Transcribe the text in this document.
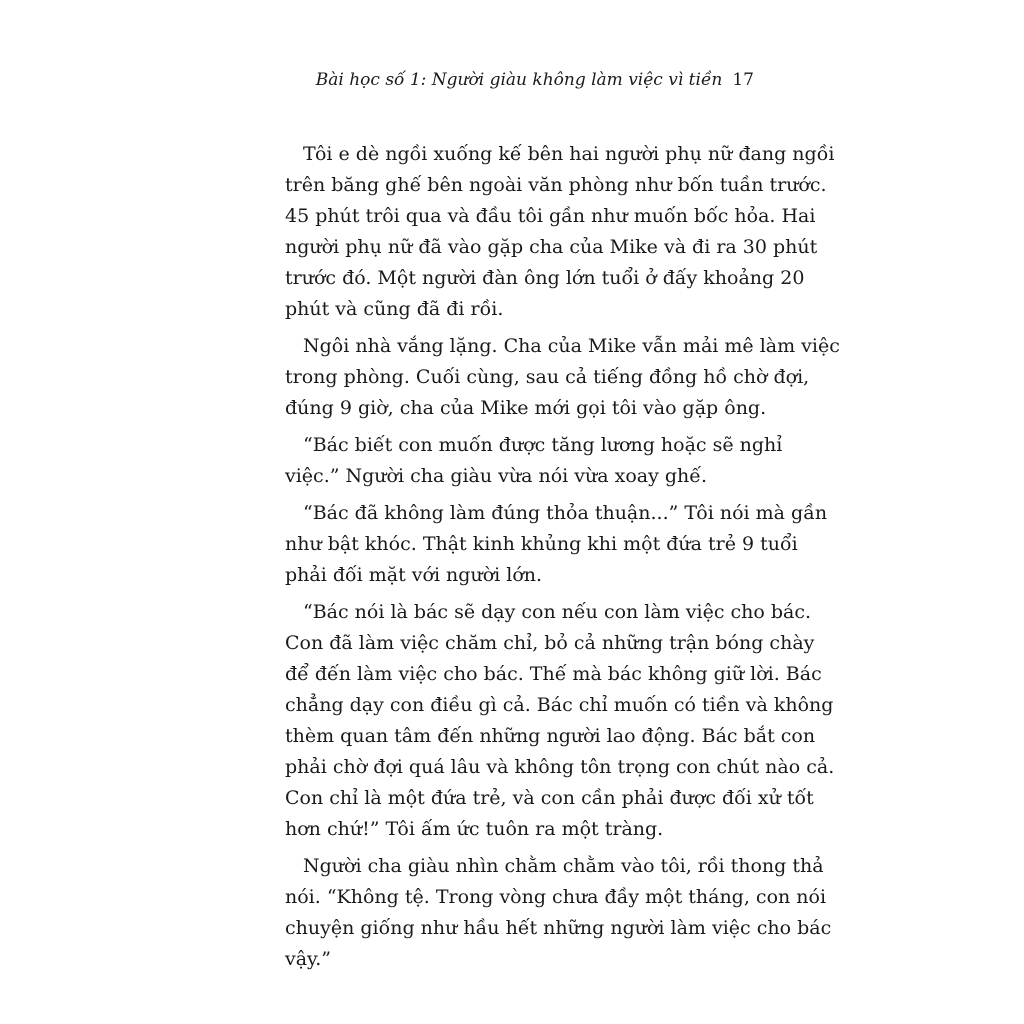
Bài học số 1: Người giàu không làm việc vì tiền 17
Tôi e dè ngồi xuống kế bên hai người phụ nữ đang ngồi
trên băng ghế bên ngoài văn phòng như bốn tuần trước.
45 phút trôi qua và đầu tôi gần như muốn bốc hỏa. Hai
người phụ nữ đã vào gặp cha của Mike và đi ra 30 phút
trước đó. Một người đàn ông lớn tuổi ở đấy khoảng 20
phút và cũng đã đi rồi.
Ngôi nhà vắng lặng. Cha của Mike vẫn mải mê làm việc
trong phòng. Cuối cùng, sau cả tiếng đồng hồ chờ đợi,
đúng 9 giờ, cha của Mike mới gọi tôi vào gặp ông.
“Bác biết con muốn được tăng lương hoặc sẽ nghỉ
việc.” Người cha giàu vừa nói vừa xoay ghế.
“Bác đã không làm đúng thỏa thuận...” Tôi nói mà gần
như bật khóc. Thật kinh khủng khi một đứa trẻ 9 tuổi
phải đối mặt với người lớn.
“Bác nói là bác sẽ dạy con nếu con làm việc cho bác.
Con đã làm việc chăm chỉ, bỏ cả những trận bóng chày
để đến làm việc cho bác. Thế mà bác không giữ lời. Bác
chẳng dạy con điều gì cả. Bác chỉ muốn có tiền và không
thèm quan tâm đến những người lao động. Bác bắt con
phải chờ đợi quá lâu và không tôn trọng con chút nào cả.
Con chỉ là một đứa trẻ, và con cần phải được đối xử tốt
hơn chứ!” Tôi ấm ức tuôn ra một tràng.
Người cha giàu nhìn chằm chằm vào tôi, rồi thong thả
nói. “Không tệ. Trong vòng chưa đầy một tháng, con nói
chuyện giống như hầu hết những người làm việc cho bác
vậy.”
